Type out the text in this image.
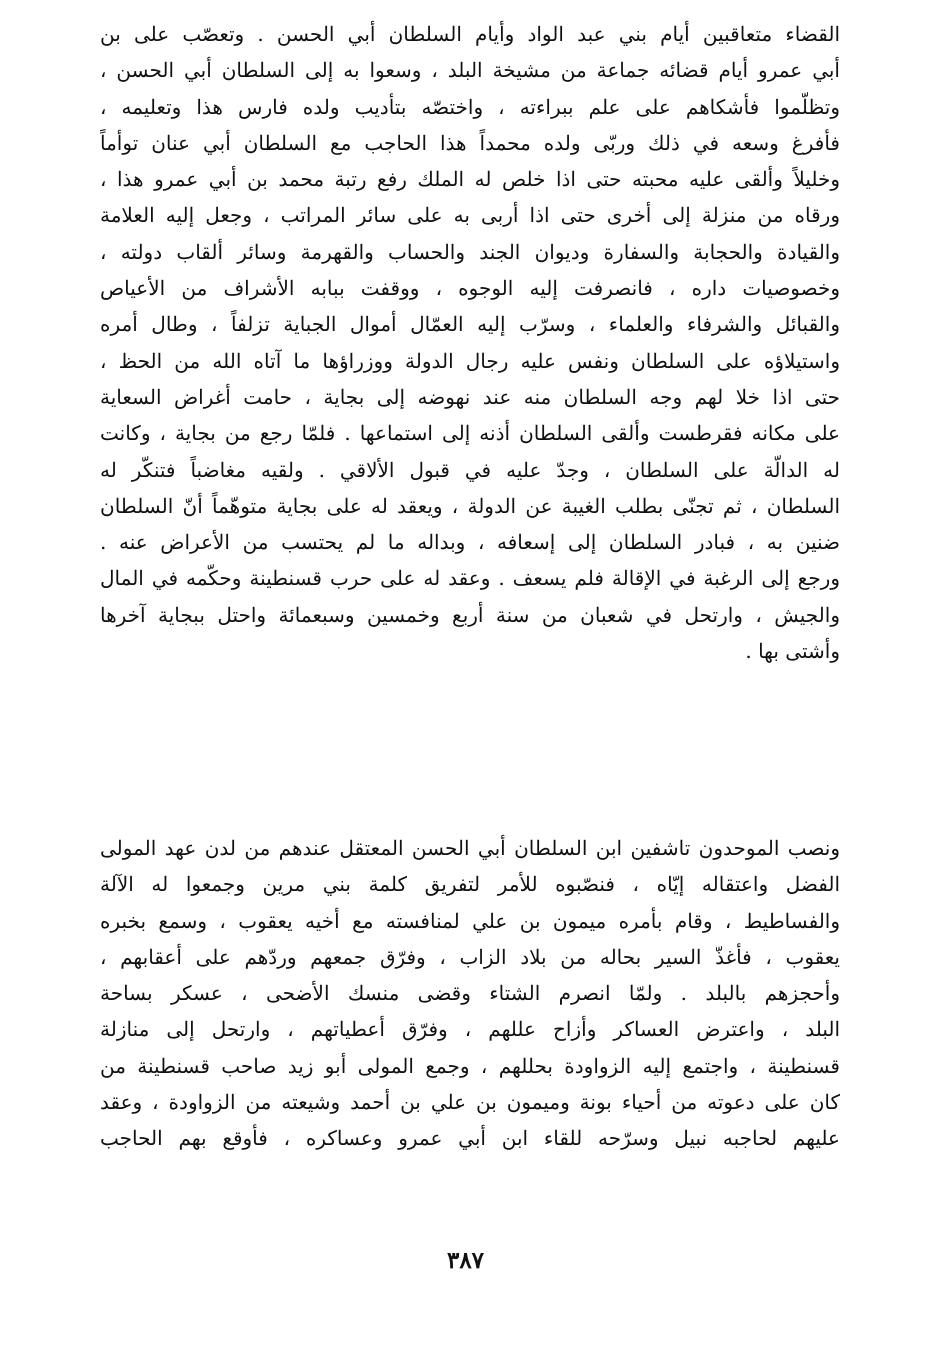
القضاء متعاقبين أيام بني عبد الواد وأيام السلطان أبي الحسن . وتعصّب على بن
أبي عمرو أيام قضائه جماعة من مشيخة البلد ، وسعوا به إلى السلطان أبي الحسن ،
وتظلّموا فأشكاهم على علم ببراءته ، واختصّه بتأديب ولده فارس هذا وتعليمه ،
فأفرغ وسعه في ذلك وربّى ولده محمداً هذا الحاجب مع السلطان أبي عنان توأماً
وخليلاً وألقى عليه محبته حتى اذا خلص له الملك رفع رتبة محمد بن أبي عمرو هذا ،
ورقاه من منزلة إلى أخرى حتى اذا أربى به على سائر المراتب ، وجعل إليه العلامة
والقيادة والحجابة والسفارة وديوان الجند والحساب والقهرمة وسائر ألقاب دولته ،
وخصوصيات داره ، فانصرفت إليه الوجوه ، ووقفت ببابه الأشراف من الأعياص
والقبائل والشرفاء والعلماء ، وسرّب إليه العمّال أموال الجباية تزلفاً ، وطال أمره
واستيلاؤه على السلطان ونفس عليه رجال الدولة ووزراؤها ما آتاه الله من الحظ ،
حتى اذا خلا لهم وجه السلطان منه عند نهوضه إلى بجاية ، حامت أغراض السعاية
على مكانه فقرطست وألقى السلطان أذنه إلى استماعها . فلمّا رجع من بجاية ، وكانت
له الدالّة على السلطان ، وجدّ عليه في قبول الألاقي . ولقيه مغاضباً فتنكّر له
السلطان ، ثم تجنّى بطلب الغيبة عن الدولة ، ويعقد له على بجاية متوهّماً أنّ السلطان
ضنين به ، فبادر السلطان إلى إسعافه ، وبداله ما لم يحتسب من الأعراض عنه .
ورجع إلى الرغبة في الإقالة فلم يسعف . وعقد له على حرب قسنطينة وحكّمه في المال
والجيش ، وارتحل في شعبان من سنة أربع وخمسين وسبعمائة واحتل ببجاية آخرها
وأشتى بها .
ونصب الموحدون تاشفين ابن السلطان أبي الحسن المعتقل عندهم من لدن عهد المولى
الفضل واعتقاله إيّاه ، فنصّبوه للأمر لتفريق كلمة بني مرين وجمعوا له الآلة
والفساطيط ، وقام بأمره ميمون بن علي لمنافسته مع أخيه يعقوب ، وسمع بخبره
يعقوب ، فأغذّ السير بحاله من بلاد الزاب ، وفرّق جمعهم وردّهم على أعقابهم ،
وأحجزهم بالبلد . ولمّا انصرم الشتاء وقضى منسك الأضحى ، عسكر بساحة
البلد ، واعترض العساكر وأزاح عللهم ، وفرّق أعطياتهم ، وارتحل إلى منازلة
قسنطينة ، واجتمع إليه الزواودة بحللهم ، وجمع المولى أبو زيد صاحب قسنطينة من
كان على دعوته من أحياء بونة وميمون بن علي بن أحمد وشيعته من الزواودة ، وعقد
عليهم لحاجبه نبيل وسرّحه للقاء ابن أبي عمرو وعساكره ، فأوقع بهم الحاجب
٣٨٧
